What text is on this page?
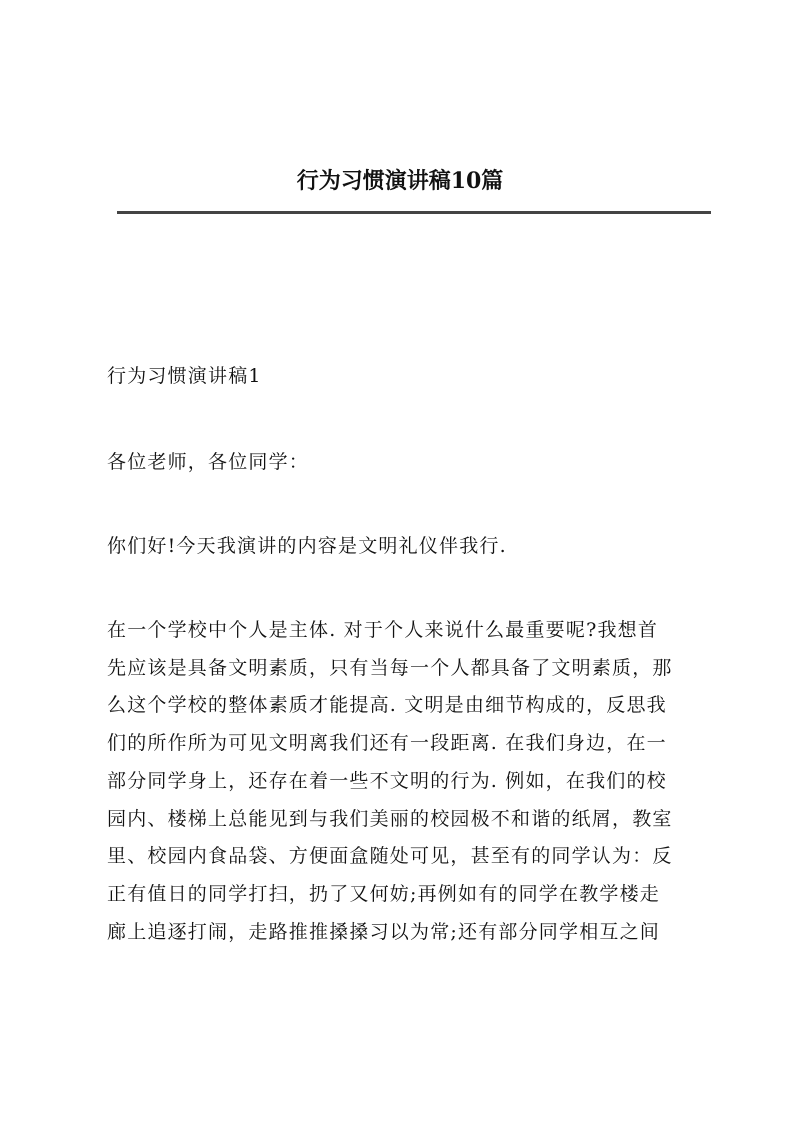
行为习惯演讲稿10篇
行为习惯演讲稿1
各位老师，各位同学：
你们好!今天我演讲的内容是文明礼仪伴我行.
在一个学校中个人是主体. 对于个人来说什么最重要呢?我想首
先应该是具备文明素质，只有当每一个人都具备了文明素质，那
么这个学校的整体素质才能提高. 文明是由细节构成的，反思我
们的所作所为可见文明离我们还有一段距离. 在我们身边，在一
部分同学身上，还存在着一些不文明的行为. 例如，在我们的校
园内、楼梯上总能见到与我们美丽的校园极不和谐的纸屑，教室
里、校园内食品袋、方便面盒随处可见，甚至有的同学认为：反
正有值日的同学打扫，扔了又何妨;再例如有的同学在教学楼走
廊上追逐打闹，走路推推搡搡习以为常;还有部分同学相互之间
